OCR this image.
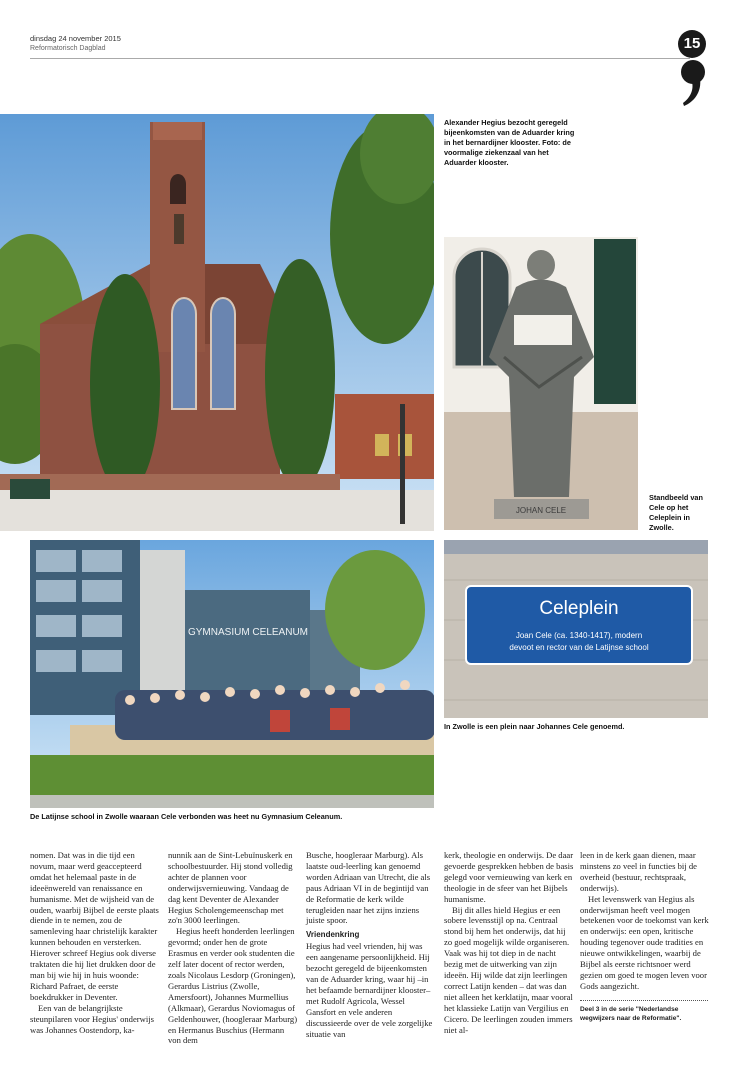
dinsdag 24 november 2015
Reformatorisch Dagblad	15
Alexander Hegius bezocht geregeld bijeenkomsten van de Aduarder kring in het bernardijner klooster. Foto: de voormalige ziekenzaal van het Aduarder klooster.
JOHAN CELE
Standbeeld van Cele op het Celeplein in Zwolle.
GYMNASIUM CELEANUM
Celeplein
Joan Cele (ca. 1340-1417), modern
devoot en rector van de Latijnse school
In Zwolle is een plein naar Johannes Cele genoemd.
De Latijnse school in Zwolle waaraan Cele verbonden was heet nu Gymnasium Celeanum.

nomen. Dat was in die tijd een novum, maar werd geaccepteerd omdat het helemaal paste in de ideeënwereld van renaissance en humanisme. Met de wijsheid van de ouden, waarbij Bijbel de eerste plaats diende in te nemen, zou de samenleving haar christelijk karakter kunnen behouden en versterken. Hierover schreef Hegius ook diverse traktaten die hij liet drukken door de man bij wie hij in huis woonde: Richard Pafraet, de eerste boekdrukker in Deventer.

Een van de belangrijkste steunpilaren voor Hegius' onderwijs was Johannes Oostendorp, ka-

nunnik aan de Sint-Lebuïnuskerk en schoolbestuurder. Hij stond volledig achter de plannen voor onderwijsvernieuwing. Vandaag de dag kent Deventer de Alexander Hegius Scholengemeenschap met zo'n 3000 leerlingen.

Hegius heeft honderden leerlingen gevormd; onder hen de grote Erasmus en verder ook studenten die zelf later docent of rector werden, zoals Nicolaus Lesdorp (Groningen), Gerardus Listrius (Zwolle, Amersfoort), Johannes Murmellius (Alkmaar), Gerardus Noviomagus of Geldenhouwer, (hoogleraar Marburg) en Hermanus Buschius (Hermann von dem

Busche, hoogleraar Marburg). Als laatste oud-leerling kan genoemd worden Adriaan van Utrecht, die als paus Adriaan VI in de begintijd van de Reformatie de kerk wilde terugleiden naar het zijns inziens juiste spoor.

Vriendenkring

Hegius had veel vrienden, hij was een aangename persoonlijkheid. Hij bezocht geregeld de bijeenkomsten van de Aduarder kring, waar hij –in het befaamde bernardijner klooster– met Rudolf Agricola, Wessel Gansfort en vele anderen discussieerde over de vele zorgelijke situatie van

kerk, theologie en onderwijs. De daar gevoerde gesprekken hebben de basis gelegd voor vernieuwing van kerk en theologie in de sfeer van het Bijbels humanisme.

Bij dit alles hield Hegius er een sobere levensstijl op na. Centraal stond bij hem het onderwijs, dat hij zo goed mogelijk wilde organiseren. Vaak was hij tot diep in de nacht bezig met de uitwerking van zijn ideeën. Hij wilde dat zijn leerlingen correct Latijn kenden – dat was dan niet alleen het kerklatijn, maar vooral het klassieke Latijn van Vergilius en Cicero. De leerlingen zouden immers niet al-

leen in de kerk gaan dienen, maar minstens zo veel in functies bij de overheid (bestuur, rechtspraak, onderwijs).

Het levenswerk van Hegius als onderwijsman heeft veel mogen betekenen voor de toekomst van kerk en onderwijs: een open, kritische houding tegenover oude tradities en nieuwe ontwikkelingen, waarbij de Bijbel als eerste richtsnoer werd gezien om goed te mogen leven voor Gods aangezicht.

Deel 3 in de serie "Nederlandse wegwijzers naar de Reformatie".
